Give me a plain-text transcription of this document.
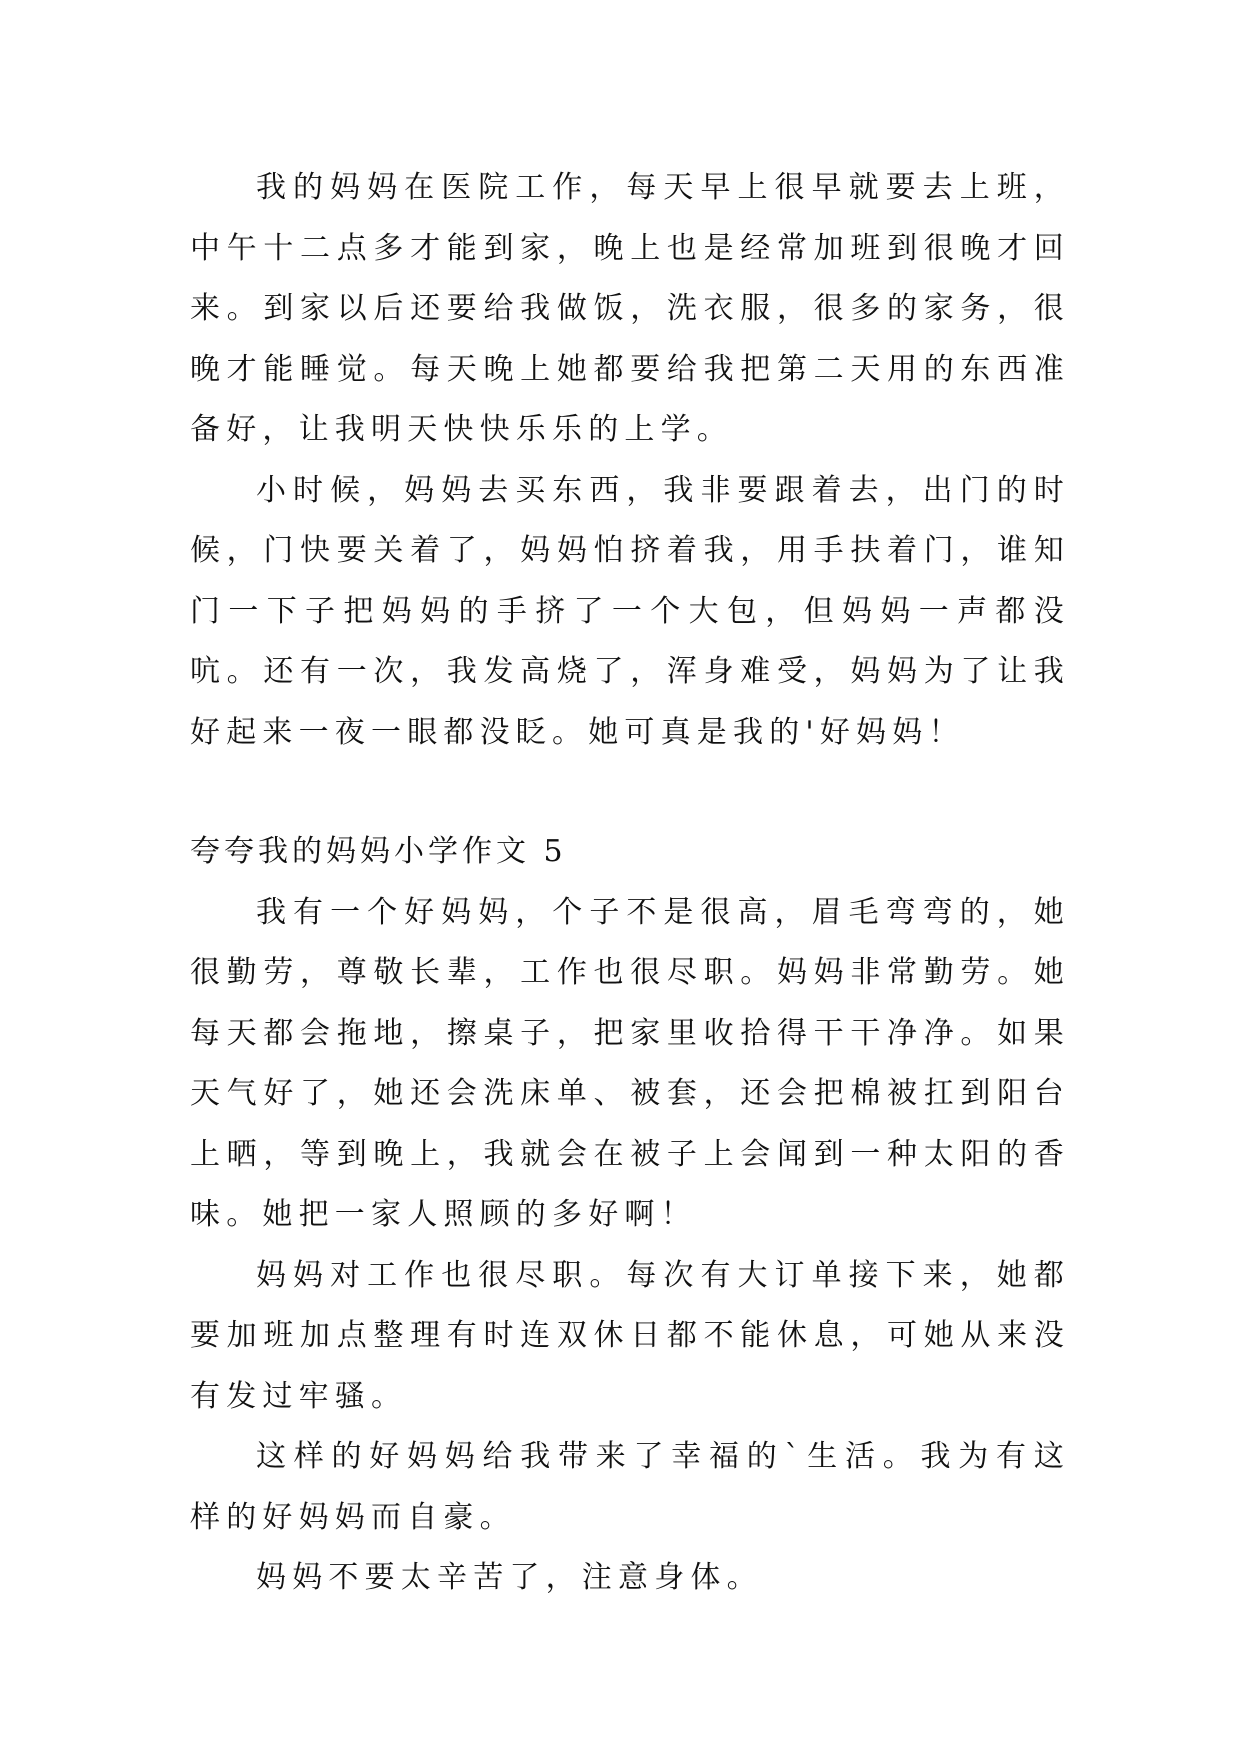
我的妈妈在医院工作，每天早上很早就要去上班，中午十二点多才能到家，晚上也是经常加班到很晚才回来。到家以后还要给我做饭，洗衣服，很多的家务，很晚才能睡觉。每天晚上她都要给我把第二天用的东西准备好，让我明天快快乐乐的上学。

小时候，妈妈去买东西，我非要跟着去，出门的时候，门快要关着了，妈妈怕挤着我，用手扶着门，谁知门一下子把妈妈的手挤了一个大包，但妈妈一声都没吭。还有一次，我发高烧了，浑身难受，妈妈为了让我好起来一夜一眼都没眨。她可真是我的'好妈妈！

夸夸我的妈妈小学作文 5

我有一个好妈妈，个子不是很高，眉毛弯弯的，她很勤劳，尊敬长辈，工作也很尽职。妈妈非常勤劳。她每天都会拖地，擦桌子，把家里收拾得干干净净。如果天气好了，她还会洗床单、被套，还会把棉被扛到阳台上晒，等到晚上，我就会在被子上会闻到一种太阳的香味。她把一家人照顾的多好啊！

妈妈对工作也很尽职。每次有大订单接下来，她都要加班加点整理有时连双休日都不能休息，可她从来没有发过牢骚。

这样的好妈妈给我带来了幸福的`生活。我为有这样的好妈妈而自豪。

妈妈不要太辛苦了，注意身体。
